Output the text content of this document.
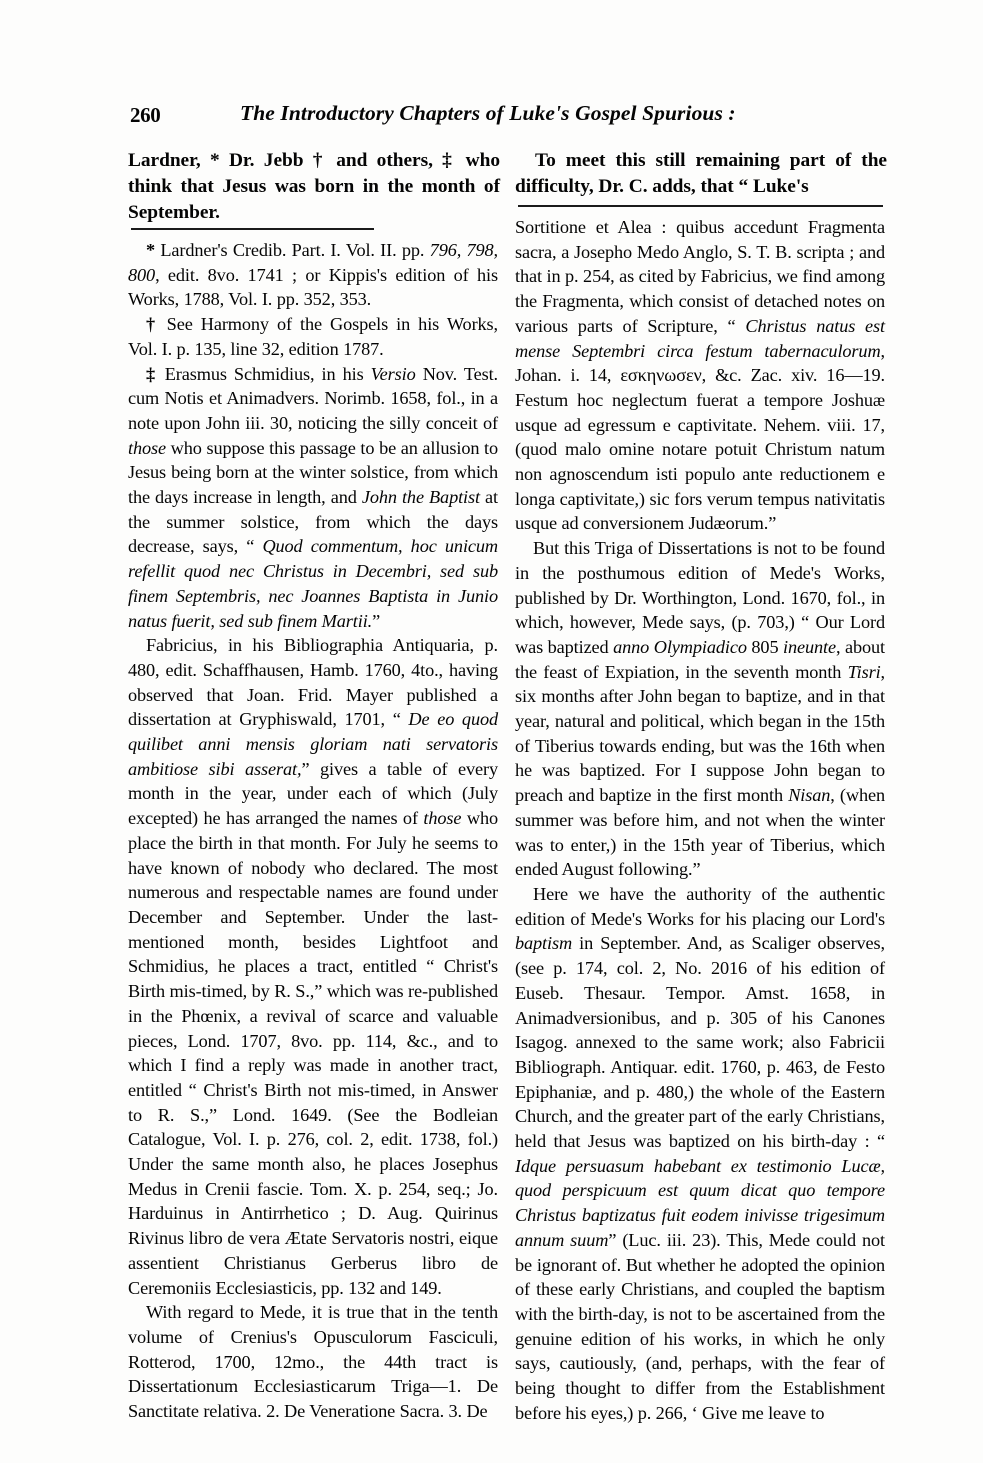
260	The Introductory Chapters of Luke's Gospel Spurious :

Lardner, * Dr. Jebb † and others, ‡ who think that Jesus was born in the month of September.

* Lardner's Credib. Part. I. Vol. II. pp. 796, 798, 800, edit. 8vo. 1741 ; or Kippis's edition of his Works, 1788, Vol. I. pp. 352, 353.

† See Harmony of the Gospels in his Works, Vol. I. p. 135, line 32, edition 1787.

‡ Erasmus Schmidius, in his Versio Nov. Test. cum Notis et Animadvers. Norimb. 1658, fol., in a note upon John iii. 30, noticing the silly conceit of those who suppose this passage to be an allusion to Jesus being born at the winter solstice, from which the days increase in length, and John the Baptist at the summer solstice, from which the days decrease, says, “ Quod commentum, hoc unicum refellit quod nec Christus in Decembri, sed sub finem Septembris, nec Joannes Baptista in Junio natus fuerit, sed sub finem Martii.”

Fabricius, in his Bibliographia Antiquaria, p. 480, edit. Schaffhausen, Hamb. 1760, 4to., having observed that Joan. Frid. Mayer published a dissertation at Gryphiswald, 1701, “ De eo quod quilibet anni mensis gloriam nati servatoris ambitiose sibi asserat,” gives a table of every month in the year, under each of which (July excepted) he has arranged the names of those who place the birth in that month. For July he seems to have known of nobody who declared. The most numerous and respectable names are found under December and September. Under the last-mentioned month, besides Lightfoot and Schmidius, he places a tract, entitled “ Christ's Birth mis-timed, by R. S.,” which was re-published in the Phœnix, a revival of scarce and valuable pieces, Lond. 1707, 8vo. pp. 114, &c., and to which I find a reply was made in another tract, entitled “ Christ's Birth not mis-timed, in Answer to R. S.,” Lond. 1649. (See the Bodleian Catalogue, Vol. I. p. 276, col. 2, edit. 1738, fol.) Under the same month also, he places Josephus Medus in Crenii fascie. Tom. X. p. 254, seq.; Jo. Harduinus in Antirrhetico ; D. Aug. Quirinus Rivinus libro de vera Ætate Servatoris nostri, eique assentient Christianus Gerberus libro de Ceremoniis Ecclesiasticis, pp. 132 and 149.

With regard to Mede, it is true that in the tenth volume of Crenius's Opusculorum Fasciculi, Rotterod, 1700, 12mo., the 44th tract is Dissertationum Ecclesiasticarum Triga—1. De Sanctitate relativa. 2. De Veneratione Sacra. 3. De

To meet this still remaining part of the difficulty, Dr. C. adds, that “ Luke's

Sortitione et Alea : quibus accedunt Fragmenta sacra, a Josepho Medo Anglo, S. T. B. scripta ; and that in p. 254, as cited by Fabricius, we find among the Fragmenta, which consist of detached notes on various parts of Scripture, “ Christus natus est mense Septembri circa festum tabernaculorum, Johan. i. 14, εσκηνωσεν, &c. Zac. xiv. 16—19. Festum hoc neglectum fuerat a tempore Joshuæ usque ad egressum e captivitate. Nehem. viii. 17, (quod malo omine notare potuit Christum natum non agnoscendum isti populo ante reductionem e longa captivitate,) sic fors verum tempus nativitatis usque ad conversionem Judæorum.”

But this Triga of Dissertations is not to be found in the posthumous edition of Mede's Works, published by Dr. Worthington, Lond. 1670, fol., in which, however, Mede says, (p. 703,) “ Our Lord was baptized anno Olympiadico 805 ineunte, about the feast of Expiation, in the seventh month Tisri, six months after John began to baptize, and in that year, natural and political, which began in the 15th of Tiberius towards ending, but was the 16th when he was baptized. For I suppose John began to preach and baptize in the first month Nisan, (when summer was before him, and not when the winter was to enter,) in the 15th year of Tiberius, which ended August following.”

Here we have the authority of the authentic edition of Mede's Works for his placing our Lord's baptism in September. And, as Scaliger observes, (see p. 174, col. 2, No. 2016 of his edition of Euseb. Thesaur. Tempor. Amst. 1658, in Animadversionibus, and p. 305 of his Canones Isagog. annexed to the same work; also Fabricii Bibliograph. Antiquar. edit. 1760, p. 463, de Festo Epiphaniæ, and p. 480,) the whole of the Eastern Church, and the greater part of the early Christians, held that Jesus was baptized on his birth-day : “ Idque persuasum habebant ex testimonio Lucæ, quod perspicuum est quum dicat quo tempore Christus baptizatus fuit eodem inivisse trigesimum annum suum” (Luc. iii. 23). This, Mede could not be ignorant of. But whether he adopted the opinion of these early Christians, and coupled the baptism with the birth-day, is not to be ascertained from the genuine edition of his works, in which he only says, cautiously, (and, perhaps, with the fear of being thought to differ from the Establishment before his eyes,) p. 266, ‘ Give me leave to
